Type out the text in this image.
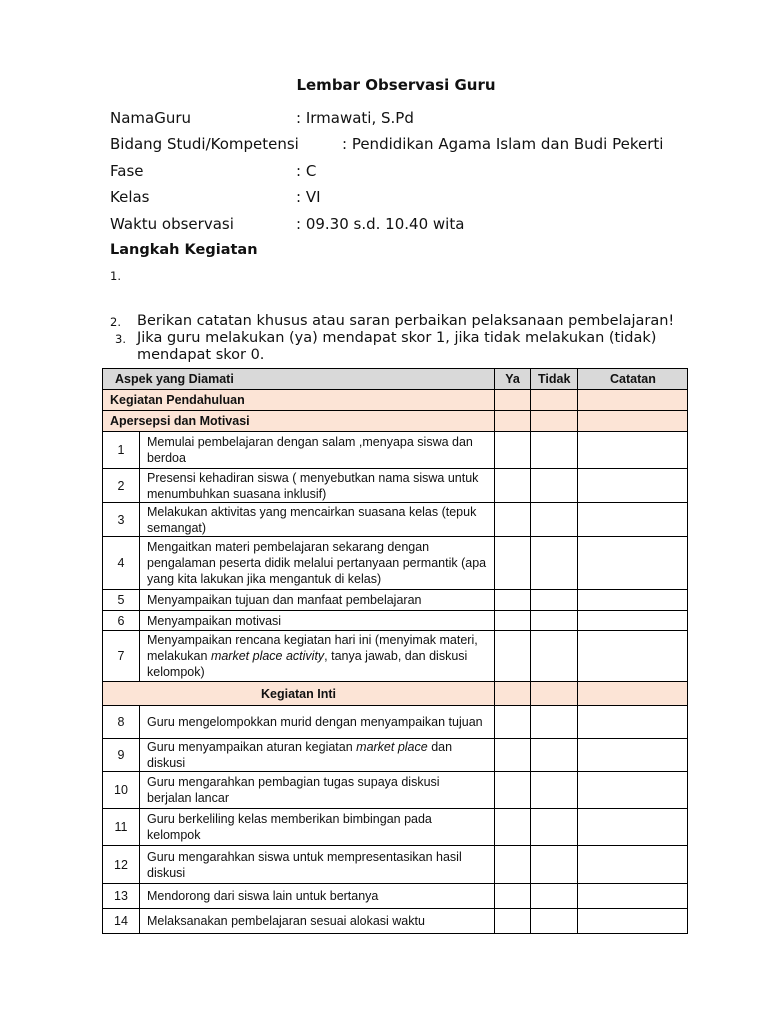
Lembar Observasi Guru
NamaGuru	: Irmawati, S.Pd
Bidang Studi/Kompetensi	: Pendidikan Agama Islam dan Budi Pekerti
Fase	: C
Kelas	: VI
Waktu observasi	: 09.30 s.d. 10.40 wita
Langkah Kegiatan
1.
2. Berikan catatan khusus atau saran perbaikan pelaksanaan pembelajaran!
3. Jika guru melakukan (ya) mendapat skor 1, jika tidak melakukan (tidak) mendapat skor 0.
Aspek yang Diamati		Ya	Tidak	Catatan
Kegiatan Pendahuluan				
Apersepsi dan Motivasi				
1	Memulai pembelajaran dengan salam ,menyapa siswa dan berdoa			
2	Presensi kehadiran siswa ( menyebutkan nama siswa untuk menumbuhkan suasana inklusif)			
3	Melakukan aktivitas yang mencairkan suasana kelas (tepuk semangat)			
4	Mengaitkan materi pembelajaran sekarang dengan pengalaman peserta didik melalui pertanyaan permantik (apa yang kita lakukan jika mengantuk di kelas)			
5	Menyampaikan tujuan dan manfaat pembelajaran			
6	Menyampaikan motivasi			
7	Menyampaikan rencana kegiatan hari ini (menyimak materi, melakukan market place activity, tanya jawab, dan diskusi kelompok)			
Kegiatan Inti				
8	Guru mengelompokkan murid dengan menyampaikan tujuan			
9	Guru menyampaikan aturan kegiatan market place dan diskusi			
10	Guru mengarahkan pembagian tugas supaya diskusi berjalan lancar			
11	Guru berkeliling kelas memberikan bimbingan pada kelompok			
12	Guru mengarahkan siswa untuk mempresentasikan hasil diskusi			
13	Mendorong dari siswa lain untuk bertanya			
14	Melaksanakan pembelajaran sesuai alokasi waktu			
